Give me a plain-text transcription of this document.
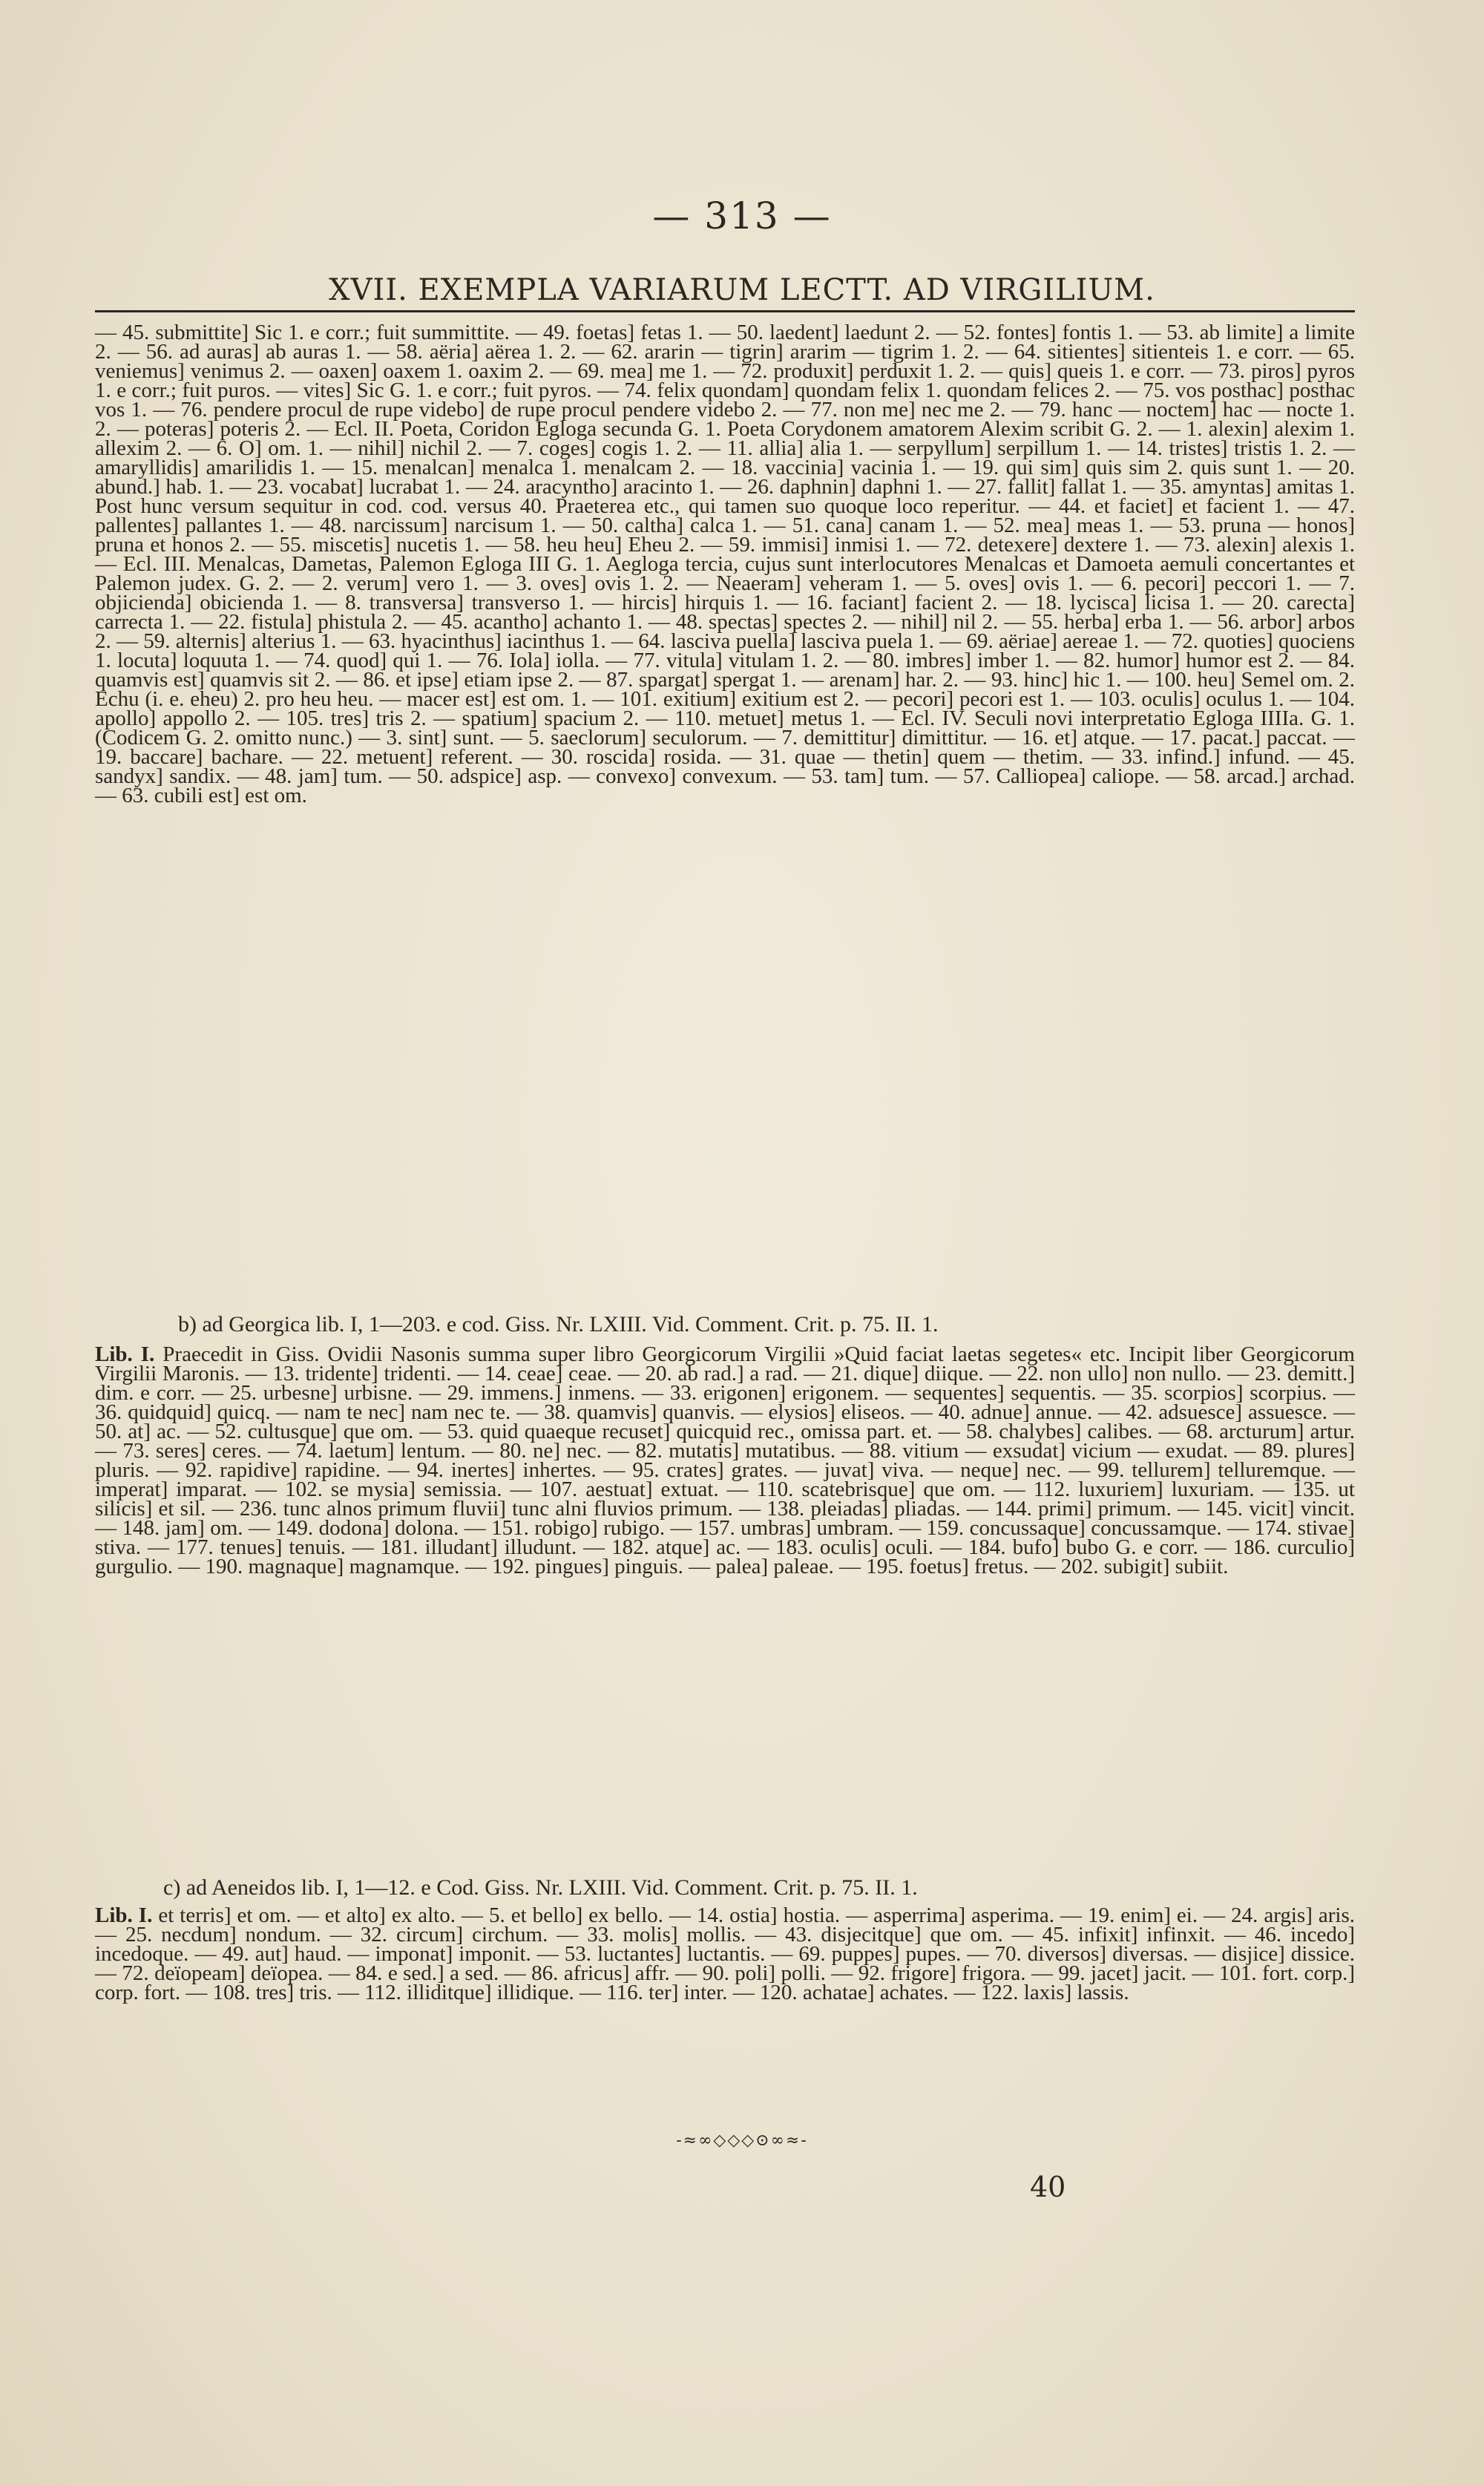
— 313 —
XVII. EXEMPLA VARIARUM LECTT. AD VIRGILIUM.

— 45. submittite] Sic 1. e corr.; fuit summittite. — 49. foetas] fetas 1. — 50. laedent] laedunt 2. — 52. fontes] fontis 1. — 53. ab limite] a limite 2. — 56. ad auras] ab auras 1. — 58. aëria] aërea 1. 2. — 62. ararin — tigrin] ararim — tigrim 1. 2. — 64. sitientes] sitienteis 1. e corr. — 65. veniemus] venimus 2. — oaxen] oaxem 1. oaxim 2. — 69. mea] me 1. — 72. produxit] perduxit 1. 2. — quis] queis 1. e corr. — 73. piros] pyros 1. e corr.; fuit puros. — vites] Sic G. 1. e corr.; fuit pyros. — 74. felix quondam] quondam felix 1. quondam felices 2. — 75. vos posthac] posthac vos 1. — 76. pendere procul de rupe videbo] de rupe procul pendere videbo 2. — 77. non me] nec me 2. — 79. hanc — noctem] hac — nocte 1. 2. — poteras] poteris 2. — Ecl. II. Poeta, Coridon Egloga secunda G. 1. Poeta Corydonem amatorem Alexim scribit G. 2. — 1. alexin] alexim 1. allexim 2. — 6. O] om. 1. — nihil] nichil 2. — 7. coges] cogis 1. 2. — 11. allia] alia 1. — serpyllum] serpillum 1. — 14. tristes] tristis 1. 2. — amaryllidis] amarilidis 1. — 15. menalcan] menalca 1. menalcam 2. — 18. vaccinia] vacinia 1. — 19. qui sim] quis sim 2. quis sunt 1. — 20. abund.] hab. 1. — 23. vocabat] lucrabat 1. — 24. aracyntho] aracinto 1. — 26. daphnin] daphni 1. — 27. fallit] fallat 1. — 35. amyntas] amitas 1. Post hunc versum sequitur in cod. cod. versus 40. Praeterea etc., qui tamen suo quoque loco reperitur. — 44. et faciet] et facient 1. — 47. pallentes] pallantes 1. — 48. narcissum] narcisum 1. — 50. caltha] calca 1. — 51. cana] canam 1. — 52. mea] meas 1. — 53. pruna — honos] pruna et honos 2. — 55. miscetis] nucetis 1. — 58. heu heu] Eheu 2. — 59. immisi] inmisi 1. — 72. detexere] dextere 1. — 73. alexin] alexis 1. — Ecl. III. Menalcas, Dametas, Palemon Egloga III G. 1. Aegloga tercia, cujus sunt interlocutores Menalcas et Damoeta aemuli concertantes et Palemon judex. G. 2. — 2. verum] vero 1. — 3. oves] ovis 1. 2. — Neaeram] veheram 1. — 5. oves] ovis 1. — 6. pecori] peccori 1. — 7. objicienda] obicienda 1. — 8. transversa] transverso 1. — hircis] hirquis 1. — 16. faciant] facient 2. — 18. lycisca] licisa 1. — 20. carecta] carrecta 1. — 22. fistula] phistula 2. — 45. acantho] achanto 1. — 48. spectas] spectes 2. — nihil] nil 2. — 55. herba] erba 1. — 56. arbor] arbos 2. — 59. alternis] alterius 1. — 63. hyacinthus] iacinthus 1. — 64. lasciva puella] lasciva puela 1. — 69. aëriae] aereae 1. — 72. quoties] quociens 1. locuta] loquuta 1. — 74. quod] qui 1. — 76. Iola] iolla. — 77. vitula] vitulam 1. 2. — 80. imbres] imber 1. — 82. humor] humor est 2. — 84. quamvis est] quamvis sit 2. — 86. et ipse] etiam ipse 2. — 87. spargat] spergat 1. — arenam] har. 2. — 93. hinc] hic 1. — 100. heu] Semel om. 2. Echu (i. e. eheu) 2. pro heu heu. — macer est] est om. 1. — 101. exitium] exitium est 2. — pecori] pecori est 1. — 103. oculis] oculus 1. — 104. apollo] appollo 2. — 105. tres] tris 2. — spatium] spacium 2. — 110. metuet] metus 1. — Ecl. IV. Seculi novi interpretatio Egloga IIIIa. G. 1. (Codicem G. 2. omitto nunc.) — 3. sint] sunt. — 5. saeclorum] seculorum. — 7. demittitur] dimittitur. — 16. et] atque. — 17. pacat.] paccat. — 19. baccare] bachare. — 22. metuent] referent. — 30. roscida] rosida. — 31. quae — thetin] quem — thetim. — 33. infind.] infund. — 45. sandyx] sandix. — 48. jam] tum. — 50. adspice] asp. — convexo] convexum. — 53. tam] tum. — 57. Calliopea] caliope. — 58. arcad.] archad. — 63. cubili est] est om.

b) ad Georgica lib. I, 1—203. e cod. Giss. Nr. LXIII. Vid. Comment. Crit. p. 75. II. 1.

Lib. I. Praecedit in Giss. Ovidii Nasonis summa super libro Georgicorum Virgilii »Quid faciat laetas segetes« etc. Incipit liber Georgicorum Virgilii Maronis. — 13. tridente] tridenti. — 14. ceae] ceae. — 20. ab rad.] a rad. — 21. dique] diique. — 22. non ullo] non nullo. — 23. demitt.] dim. e corr. — 25. urbesne] urbisne. — 29. immens.] inmens. — 33. erigonen] erigonem. — sequentes] sequentis. — 35. scorpios] scorpius. — 36. quidquid] quicq. — nam te nec] nam nec te. — 38. quamvis] quanvis. — elysios] eliseos. — 40. adnue] annue. — 42. adsuesce] assuesce. — 50. at] ac. — 52. cultusque] que om. — 53. quid quaeque recuset] quicquid rec., omissa part. et. — 58. chalybes] calibes. — 68. arcturum] artur. — 73. seres] ceres. — 74. laetum] lentum. — 80. ne] nec. — 82. mutatis] mutatibus. — 88. vitium — exsudat] vicium — exudat. — 89. plures] pluris. — 92. rapidive] rapidine. — 94. inertes] inhertes. — 95. crates] grates. — juvat] viva. — neque] nec. — 99. tellurem] telluremque. — imperat] imparat. — 102. se mysia] semissia. — 107. aestuat] extuat. — 110. scatebrisque] que om. — 112. luxuriem] luxuriam. — 135. ut silicis] et sil. — 236. tunc alnos primum fluvii] tunc alni fluvios primum. — 138. pleiadas] pliadas. — 144. primi] primum. — 145. vicit] vincit. — 148. jam] om. — 149. dodona] dolona. — 151. robigo] rubigo. — 157. umbras] umbram. — 159. concussaque] concussamque. — 174. stivae] stiva. — 177. tenues] tenuis. — 181. illudant] illudunt. — 182. atque] ac. — 183. oculis] oculi. — 184. bufo] bubo G. e corr. — 186. curculio] gurgulio. — 190. magnaque] magnamque. — 192. pingues] pinguis. — palea] paleae. — 195. foetus] fretus. — 202. subigit] subiit.

c) ad Aeneidos lib. I, 1—12. e Cod. Giss. Nr. LXIII. Vid. Comment. Crit. p. 75. II. 1.

Lib. I. et terris] et om. — et alto] ex alto. — 5. et bello] ex bello. — 14. ostia] hostia. — asperrima] asperima. — 19. enim] ei. — 24. argis] aris. — 25. necdum] nondum. — 32. circum] circhum. — 33. molis] mollis. — 43. disjecitque] que om. — 45. infixit] infinxit. — 46. incedo] incedoque. — 49. aut] haud. — imponat] imponit. — 53. luctantes] luctantis. — 69. puppes] pupes. — 70. diversos] diversas. — disjice] dissice. — 72. deïopeam] deïopea. — 84. e sed.] a sed. — 86. africus] affr. — 90. poli] polli. — 92. frigore] frigora. — 99. jacet] jacit. — 101. fort. corp.] corp. fort. — 108. tres] tris. — 112. illiditque] illidique. — 116. ter] inter. — 120. achatae] achates. — 122. laxis] lassis.

-≈∞◇◇◇⊙∞≈-
40
